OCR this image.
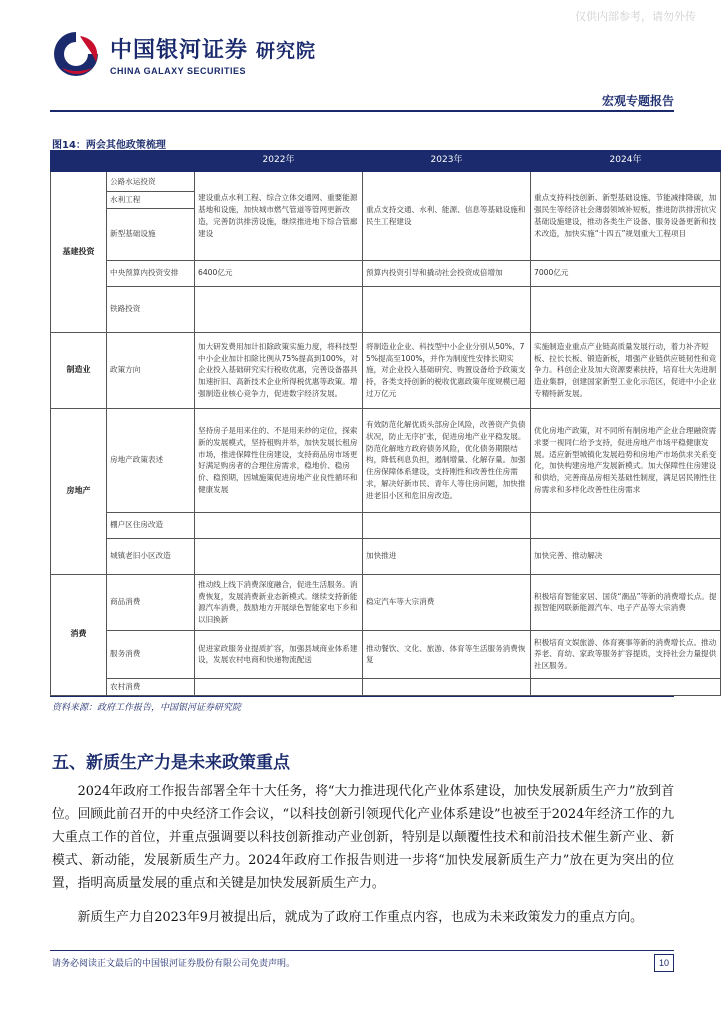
仅供内部参考，请勿外传
中国银河证券 研究院
CHINA GALAXY SECURITIES
宏观专题报告
图14：两会其他政策梳理
		2022年	2023年	2024年
基建投资	公路水运投资	建设重点水利工程、综合立体交通网、重要能源基地和设施，加快城市燃气管道等管网更新改造，完善防洪排涝设施，继续推进地下综合管廊建设	重点支持交通、水利、能源、信息等基础设施和民生工程建设	重点支持科技创新、新型基础设施、节能减排降碳，加强民生等经济社会薄弱领域补短板，推进防洪排涝抗灾基础设施建设，推动各类生产设备、服务设备更新和技术改造，加快实施“十四五”规划重大工程项目
	水利工程			
	新型基础设施			
	中央预算内投资安排	6400亿元	预算内投资引导和撬动社会投资成倍增加	7000亿元
	铁路投资			
制造业	政策方向	加大研发费用加计扣除政策实施力度，将科技型中小企业加计扣除比例从75%提高到100%，对企业投入基础研究实行税收优惠，完善设备器具加速折旧、高新技术企业所得税优惠等政策。增强制造业核心竞争力，促进数字经济发展。	将制造业企业、科技型中小企业分别从50%、75%提高至100%，并作为制度性安排长期实施，对企业投入基础研究、购置设备给予政策支持，各类支持创新的税收优惠政策年度规模已超过万亿元	实施制造业重点产业链高质量发展行动，着力补齐短板、拉长长板、锻造新板，增强产业链供应链韧性和竞争力。科创企业及加大资源要素扶持，培育壮大先进制造业集群，创建国家新型工业化示范区，促进中小企业专精特新发展。
房地产	房地产政策表述	坚持房子是用来住的、不是用来炒的定位，探索新的发展模式，坚持租购并举，加快发展长租房市场，推进保障性住房建设，支持商品房市场更好满足购房者的合理住房需求，稳地价、稳房价、稳预期，因城施策促进房地产业良性循环和健康发展	有效防范化解优质头部房企风险，改善资产负债状况，防止无序扩张，促进房地产业平稳发展。防范化解地方政府债务风险，优化债务期限结构，降低利息负担，遏制增量、化解存量。加强住房保障体系建设，支持刚性和改善性住房需求，解决好新市民、青年人等住房问题，加快推进老旧小区和危旧房改造。	优化房地产政策，对不同所有制房地产企业合理融资需求要一视同仁给予支持，促进房地产市场平稳健康发展。适应新型城镇化发展趋势和房地产市场供求关系变化，加快构建房地产发展新模式。加大保障性住房建设和供给，完善商品房相关基础性制度，满足居民刚性住房需求和多样化改善性住房需求
	棚户区住房改造			
	城镇老旧小区改造		加快推进	加快完善、推动解决
消费	商品消费	推动线上线下消费深度融合，促进生活服务。消费恢复，发展消费新业态新模式。继续支持新能源汽车消费，鼓励地方开展绿色智能家电下乡和以旧换新	稳定汽车等大宗消费	积极培育智能家居、国货“潮品”等新的消费增长点。提振智能网联新能源汽车、电子产品等大宗消费
	服务消费	促进家政服务业提质扩容，加强县域商业体系建设，发展农村电商和快递物流配送	推动餐饮、文化、旅游、体育等生活服务消费恢复	积极培育文娱旅游、体育赛事等新的消费增长点。推动养老、育幼、家政等服务扩容提质，支持社会力量提供社区服务。
	农村消费			
资料来源：政府工作报告，中国银河证券研究院
五、新质生产力是未来政策重点
2024年政府工作报告部署全年十大任务，将“大力推进现代化产业体系建设，加快发展新质生产力”放到首位。回顾此前召开的中央经济工作会议，“以科技创新引领现代化产业体系建设”也被至于2024年经济工作的九大重点工作的首位，并重点强调要以科技创新推动产业创新，特别是以颠覆性技术和前沿技术催生新产业、新模式、新动能，发展新质生产力。2024年政府工作报告则进一步将“加快发展新质生产力”放在更为突出的位置，指明高质量发展的重点和关键是加快发展新质生产力。
新质生产力自2023年9月被提出后，就成为了政府工作重点内容，也成为未来政策发力的重点方向。
请务必阅读正文最后的中国银河证券股份有限公司免责声明。	10
